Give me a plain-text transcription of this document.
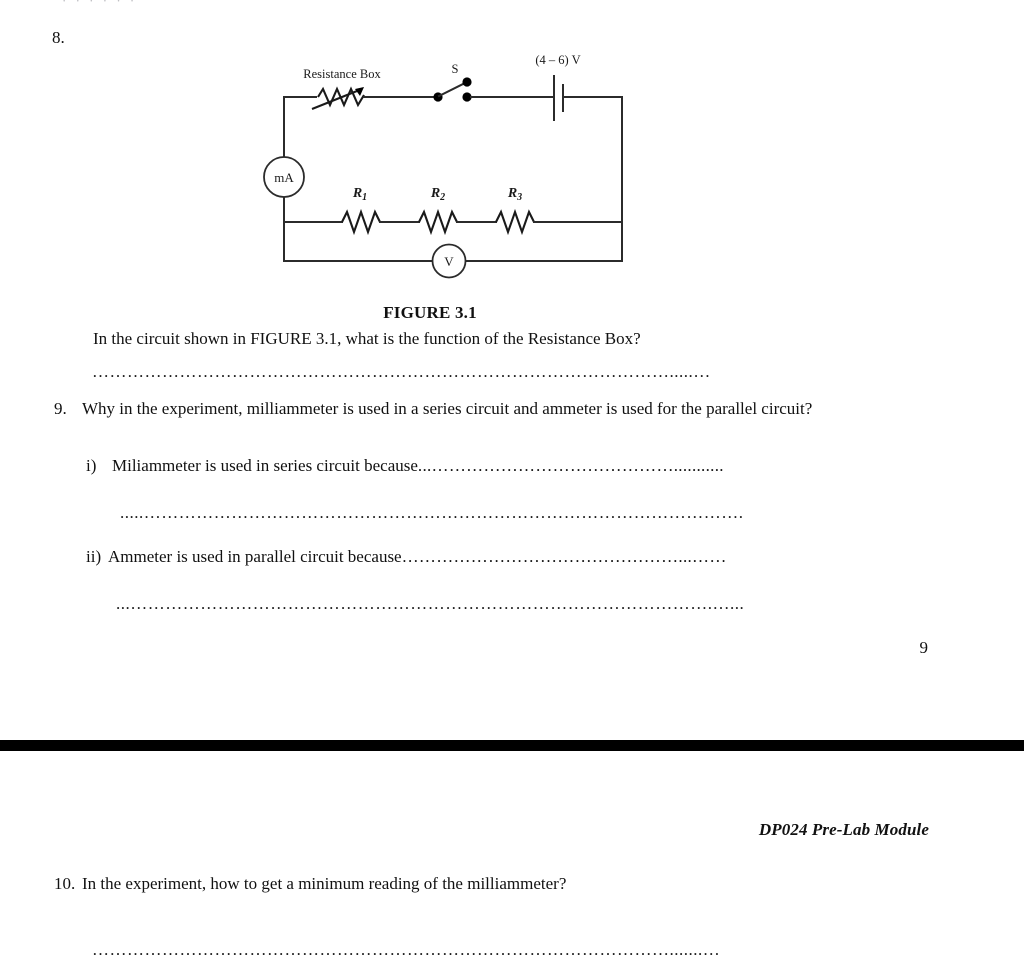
8.
mA
V
Resistance Box	S
(4 – 6) V
$R_1$	$R_2$	$R_3$
FIGURE 3.1
In the circuit shown in FIGURE 3.1, what is the function of the Resistance Box?
……………………………………………………………………………………….....…
9. Why in the experiment, milliammeter is used in a series circuit and ammeter is used for the parallel circuit?
i) Miliammeter is used in series circuit because...……………………………………...........
.....………………………………………………………………………………………….
ii) Ammeter is used in parallel circuit because…………………………………………...……
...……………………………………………………………………………………….…...
9
DP024 Pre-Lab Module
10. In the experiment, how to get a minimum reading of the milliammeter?
……………………………………………………………………………………….......…
